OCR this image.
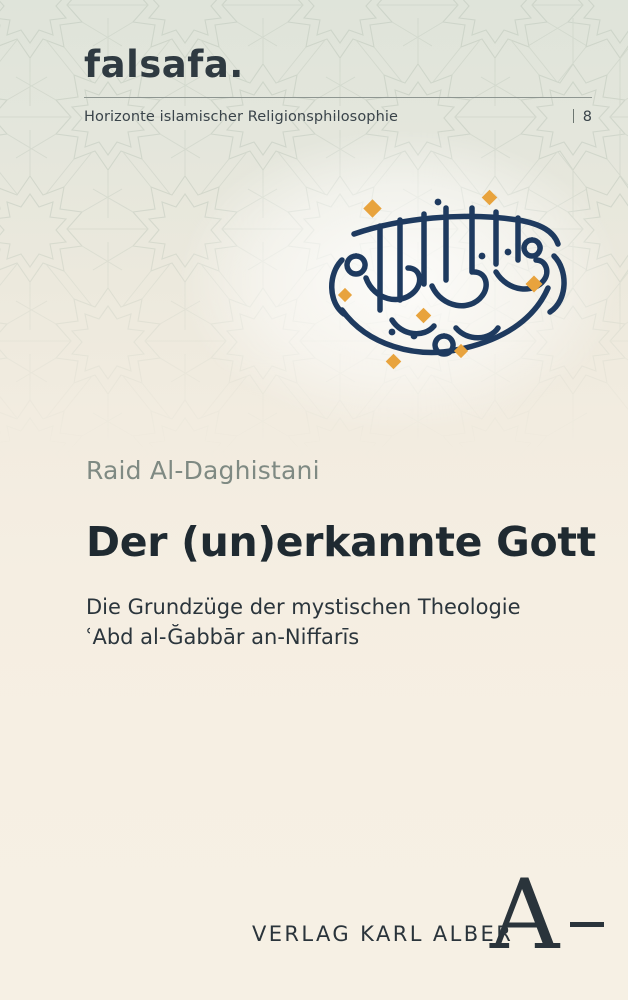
falsafa.
Horizonte islamischer Religionsphilosophie	8
Raid Al-Daghistani
Der (un)erkannte Gott
Die Grundzüge der mystischen Theologie
ʿAbd al-Ğabbār an-Niffarīs
VERLAG KARL ALBER
A
